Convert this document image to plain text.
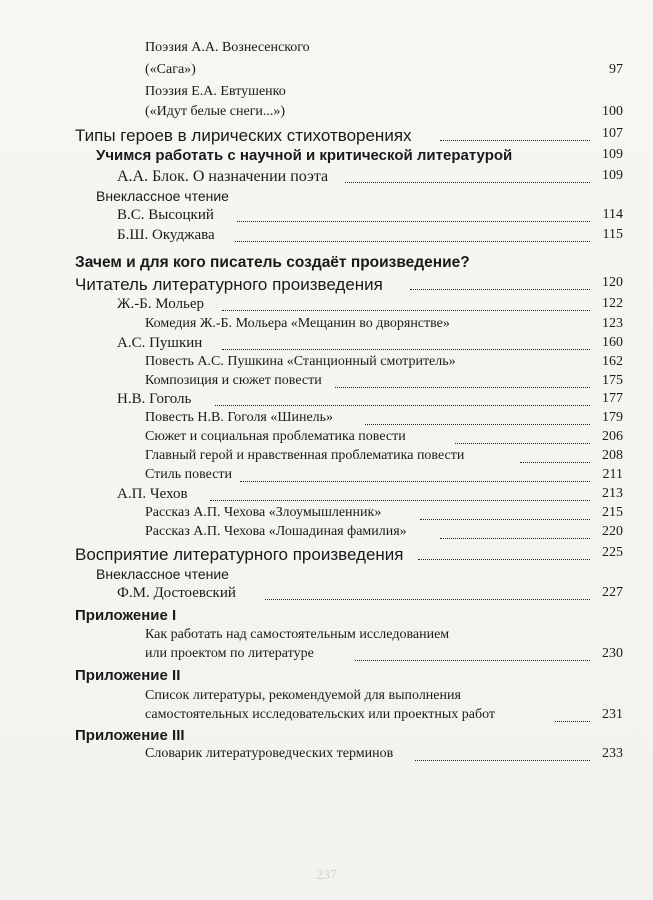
Поэзия А.А. Вознесенского
(«Сага»)	97
Поэзия Е.А. Евтушенко
(«Идут белые снеги...»)	100
Типы героев в лирических стихотворениях	107
Учимся работать с научной и критической литературой	109
А.А. Блок. О назначении поэта	109
Внеклассное чтение
В.С. Высоцкий	114
Б.Ш. Окуджава	115
Зачем и для кого писатель создаёт произведение?
Читатель литературного произведения	120
Ж.-Б. Мольер	122
Комедия Ж.-Б. Мольера «Мещанин во дворянстве»	123
А.С. Пушкин	160
Повесть А.С. Пушкина «Станционный смотритель»	162
Композиция и сюжет повести	175
Н.В. Гоголь	177
Повесть Н.В. Гоголя «Шинель»	179
Сюжет и социальная проблематика повести	206
Главный герой и нравственная проблематика повести	208
Стиль повести	211
А.П. Чехов	213
Рассказ А.П. Чехова «Злоумышленник»	215
Рассказ А.П. Чехова «Лошадиная фамилия»	220
Восприятие литературного произведения	225
Внеклассное чтение
Ф.М. Достоевский	227
Приложение I
Как работать над самостоятельным исследованием
или проектом по литературе	230
Приложение II
Список литературы, рекомендуемой для выполнения
самостоятельных исследовательских или проектных работ	231
Приложение III
Словарик литературоведческих терминов	233
237
